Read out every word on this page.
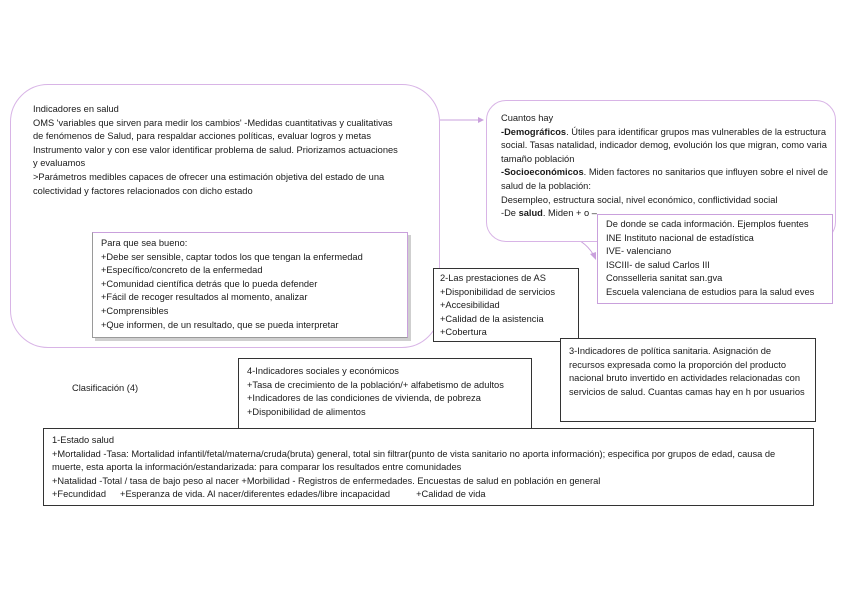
Indicadores en salud
OMS 'variables que sirven para medir los cambios' -Medidas cuantitativas y cualitativas de fenómenos de Salud, para respaldar acciones políticas, evaluar logros y metas
Instrumento valor y con ese valor identificar problema de salud. Priorizamos actuaciones y evaluamos
>Parámetros medibles capaces de ofrecer una estimación objetiva del estado de una colectividad y factores relacionados con dicho estado
Para que sea bueno:
+Debe ser sensible, captar todos los que tengan la enfermedad
+Específico/concreto de la enfermedad
+Comunidad científica detrás que lo pueda defender
+Fácil de recoger resultados al momento, analizar
+Comprensibles
+Que informen, de un resultado, que se pueda interpretar
Cuantos hay
-Demográficos. Útiles para identificar grupos mas vulnerables de la estructura social. Tasas natalidad, indicador demog, evolución los que migran, como varia tamaño población
-Socioeconómicos. Miden factores no sanitarios que influyen sobre el nivel de salud de la población:
Desempleo, estructura social, nivel económico, conflictividad social
-De salud. Miden + o –
De donde se cada información. Ejemplos fuentes
INE Instituto nacional de estadística
IVE- valenciano
ISCIII- de salud Carlos III
Consselleria sanitat san.gva
Escuela valenciana de estudios para la salud eves
2-Las prestaciones de AS
+Disponibilidad de servicios
+Accesibilidad
+Calidad de la asistencia
+Cobertura
3-Indicadores de política sanitaria. Asignación de recursos expresada como la proporción del producto nacional bruto invertido en actividades relacionadas con servicios de salud. Cuantas camas hay en h por usuarios
4-Indicadores sociales y económicos
+Tasa de crecimiento de la población/+ alfabetismo de adultos
+Indicadores de las condiciones de vivienda, de pobreza
+Disponibilidad de alimentos
Clasificación (4)
1-Estado salud
+Mortalidad -Tasa: Mortalidad infantil/fetal/materna/cruda(bruta) general, total sin filtrar(punto de vista sanitario no aporta información); especifica por grupos de edad, causa de muerte, esta aporta la información/estandarizada: para comparar los resultados entre comunidades
+Natalidad -Total / tasa de bajo peso al nacer +Morbilidad - Registros de enfermedades. Encuestas de salud en población en general
+Fecundidad +Esperanza de vida. Al nacer/diferentes edades/libre incapacidad	+Calidad de vida
